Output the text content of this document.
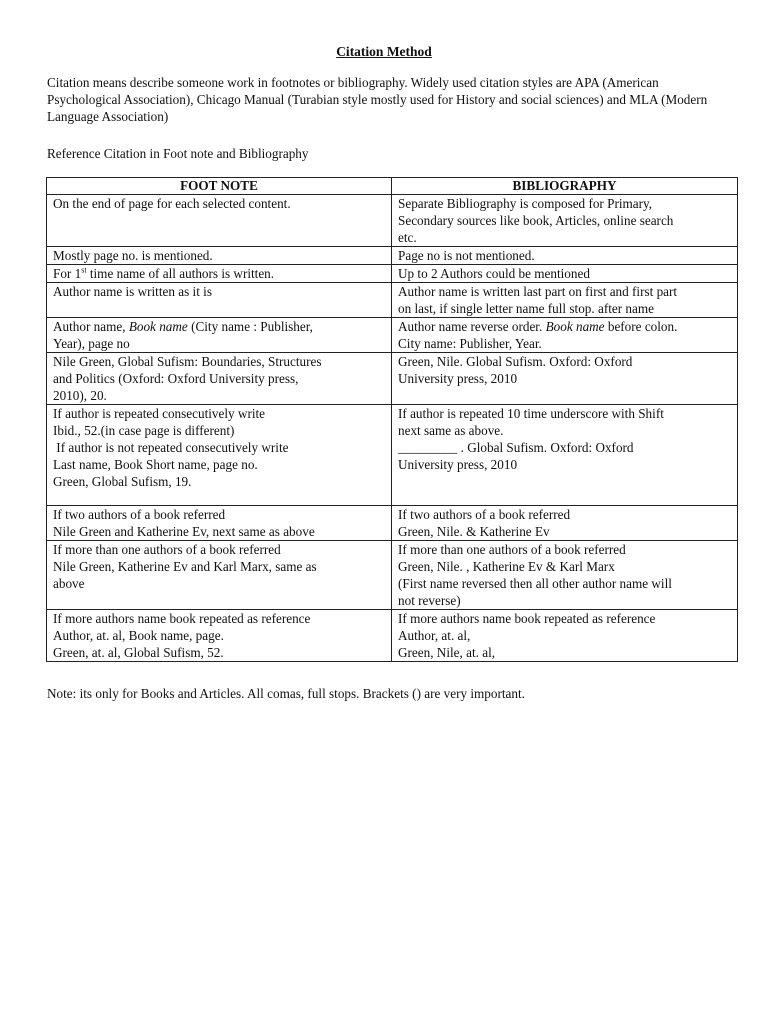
Citation Method

Citation means describe someone work in footnotes or bibliography. Widely used citation styles are APA (American Psychological Association), Chicago Manual (Turabian style mostly used for History and social sciences) and MLA (Modern Language Association)

Reference Citation in Foot note and Bibliography

FOOT NOTE	BIBLIOGRAPHY

On the end of page for each selected content.	Separate Bibliography is composed for Primary,
Secondary sources like book, Articles, online search
etc.

Mostly page no. is mentioned.	Page no is not mentioned.

For 1st time name of all authors is written.	Up to 2 Authors could be mentioned

Author name is written as it is	Author name is written last part on first and first part
on last, if single letter name full stop. after name

Author name, Book name (City name : Publisher,
Year), page no	Author name reverse order. Book name before colon.
City name: Publisher, Year.

Nile Green, Global Sufism: Boundaries, Structures
and Politics (Oxford: Oxford University press,
2010), 20.	Green, Nile. Global Sufism. Oxford: Oxford
University press, 2010

If author is repeated consecutively write
Ibid., 52.(in case page is different)
If author is not repeated consecutively write
Last name, Book Short name, page no.
Green, Global Sufism, 19.	If author is repeated 10 time underscore with Shift
next same as above.
_________ . Global Sufism. Oxford: Oxford
University press, 2010

If two authors of a book referred
Nile Green and Katherine Ev, next same as above	If two authors of a book referred
Green, Nile. & Katherine Ev

If more than one authors of a book referred
Nile Green, Katherine Ev and Karl Marx, same as
above	If more than one authors of a book referred
Green, Nile. , Katherine Ev & Karl Marx
(First name reversed then all other author name will
not reverse)

If more authors name book repeated as reference
Author, at. al, Book name, page.
Green, at. al, Global Sufism, 52.	If more authors name book repeated as reference
Author, at. al,
Green, Nile, at. al,

Note: its only for Books and Articles. All comas, full stops. Brackets () are very important.
